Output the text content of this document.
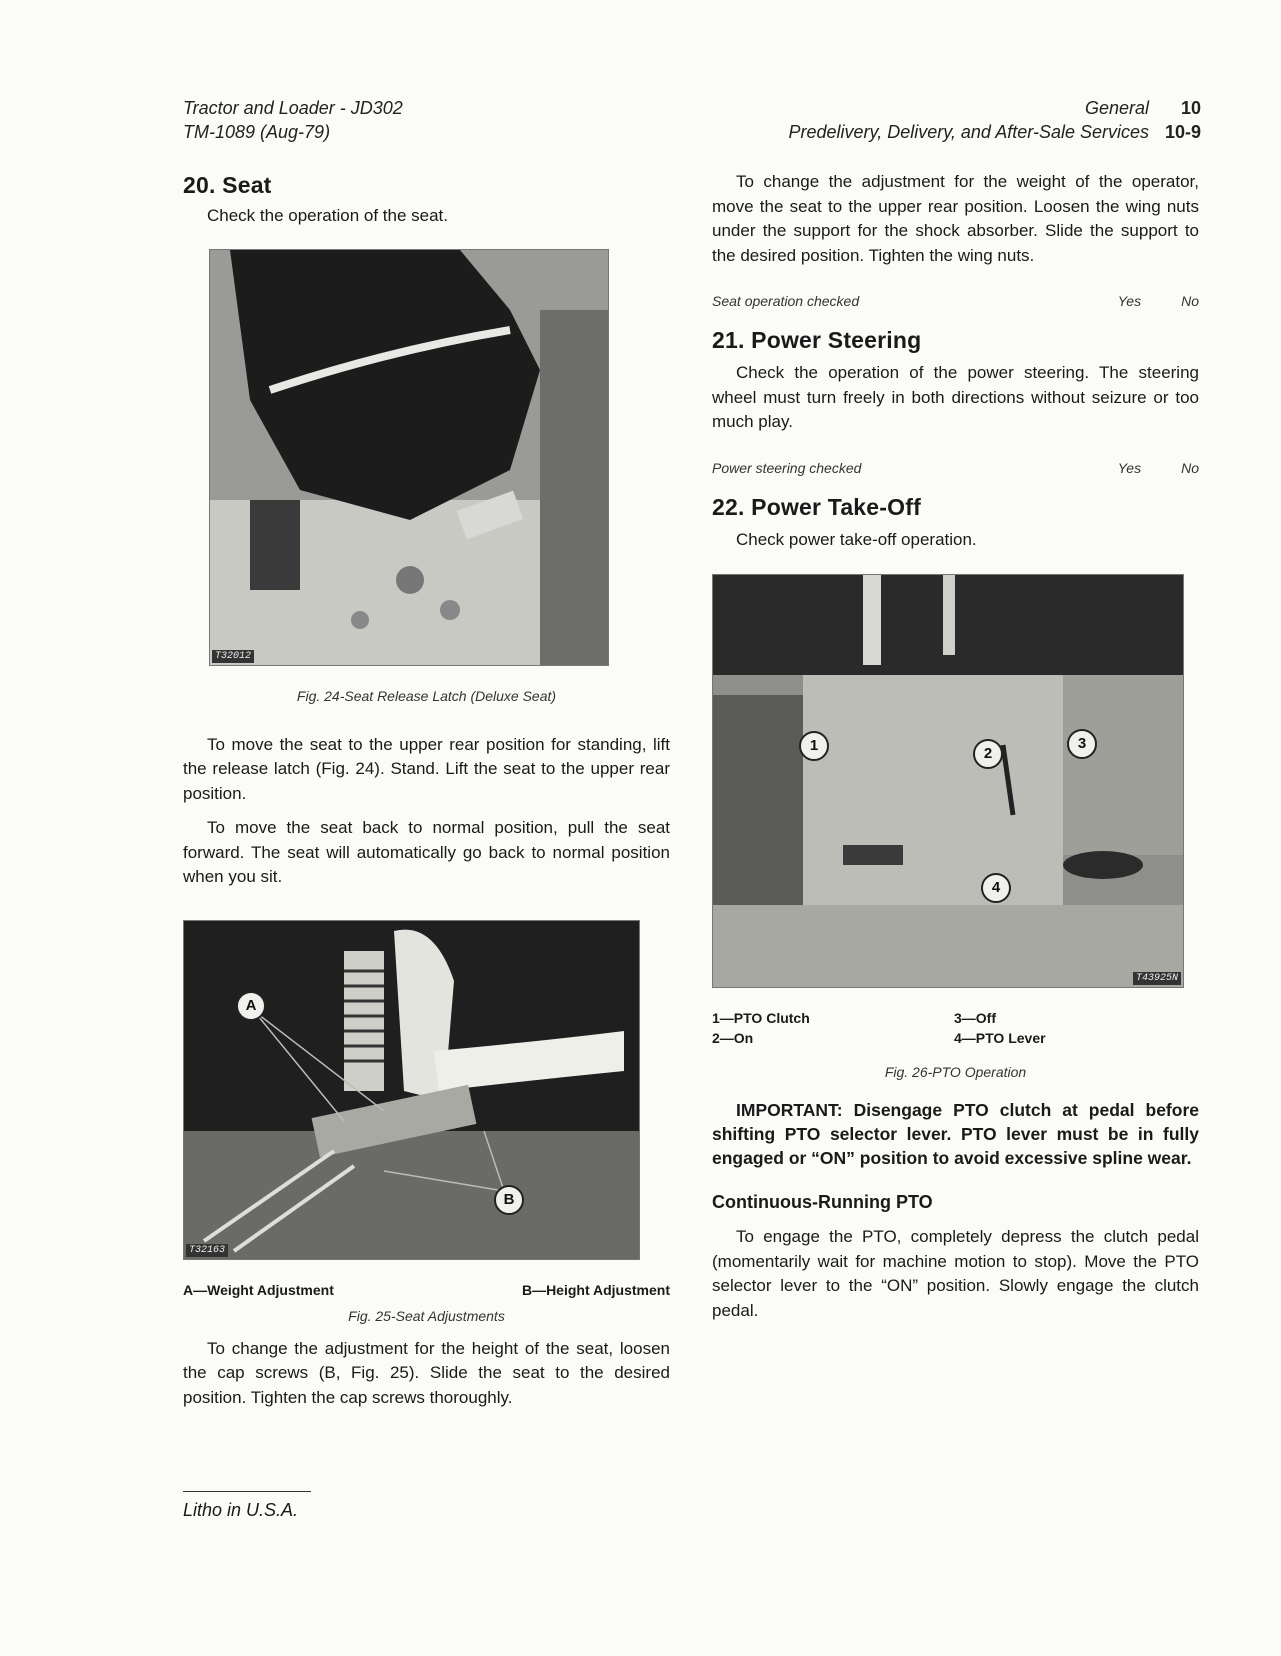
Tractor and Loader - JD302
TM-1089 (Aug-79)
General 10
Predelivery, Delivery, and After-Sale Services 10-9
20. Seat

Check the operation of the seat.

T32012
Fig. 24-Seat Release Latch (Deluxe Seat)

To move the seat to the upper rear position for standing, lift the release latch (Fig. 24). Stand. Lift the seat to the upper rear position.

To move the seat back to normal position, pull the seat forward. The seat will automatically go back to normal position when you sit.

A
B
T32163
A—Weight Adjustment	B—Height Adjustment
Fig. 25-Seat Adjustments

To change the adjustment for the height of the seat, loosen the cap screws (B, Fig. 25). Slide the seat to the desired position. Tighten the cap screws thoroughly.

To change the adjustment for the weight of the operator, move the seat to the upper rear position. Loosen the wing nuts under the support for the shock absorber. Slide the support to the desired position. Tighten the wing nuts.

Seat operation checked	Yes	No
21. Power Steering

Check the operation of the power steering. The steering wheel must turn freely in both directions without seizure or too much play.

Power steering checked	Yes	No
22. Power Take-Off

Check power take-off operation.

1	2
3
4
T43925N
1—PTO Clutch	3—Off
2—On	4—PTO Lever
Fig. 26-PTO Operation
IMPORTANT: Disengage PTO clutch at pedal before shifting PTO selector lever. PTO lever must be in fully engaged or “ON” position to avoid excessive spline wear.
Continuous-Running PTO

To engage the PTO, completely depress the clutch pedal (momentarily wait for machine motion to stop). Move the PTO selector lever to the “ON” position. Slowly engage the clutch pedal.

Litho in U.S.A.
